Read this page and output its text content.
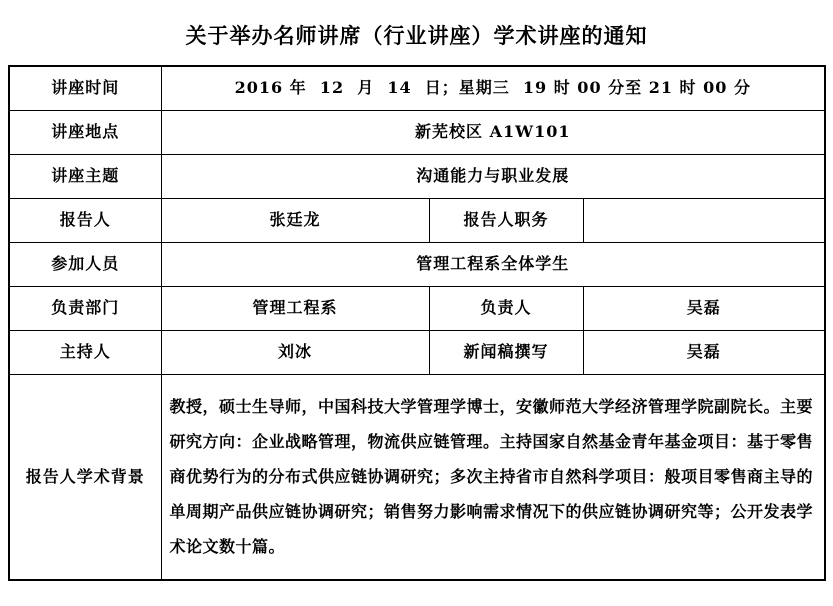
关于举办名师讲席（行业讲座）学术讲座的通知
讲座时间	2016 年  12  月  14  日；星期三  19 时 00 分至 21 时 00 分		
讲座地点	新芜校区 A1W101		
讲座主题	沟通能力与职业发展		
报告人	张廷龙	报告人职务	
参加人员	管理工程系全体学生		
负责部门	管理工程系	负责人	吴磊
主持人	刘冰	新闻稿撰写	吴磊
报告人学术背景	教授，硕士生导师，中国科技大学管理学博士，安徽师范大学经济管理学院副院长。主要研究方向：企业战略管理，物流供应链管理。主持国家自然基金青年基金项目：基于零售商优势行为的分布式供应链协调研究；多次主持省市自然科学项目：般项目零售商主导的单周期产品供应链协调研究；销售努力影响需求情况下的供应链协调研究等；公开发表学术论文数十篇。		
